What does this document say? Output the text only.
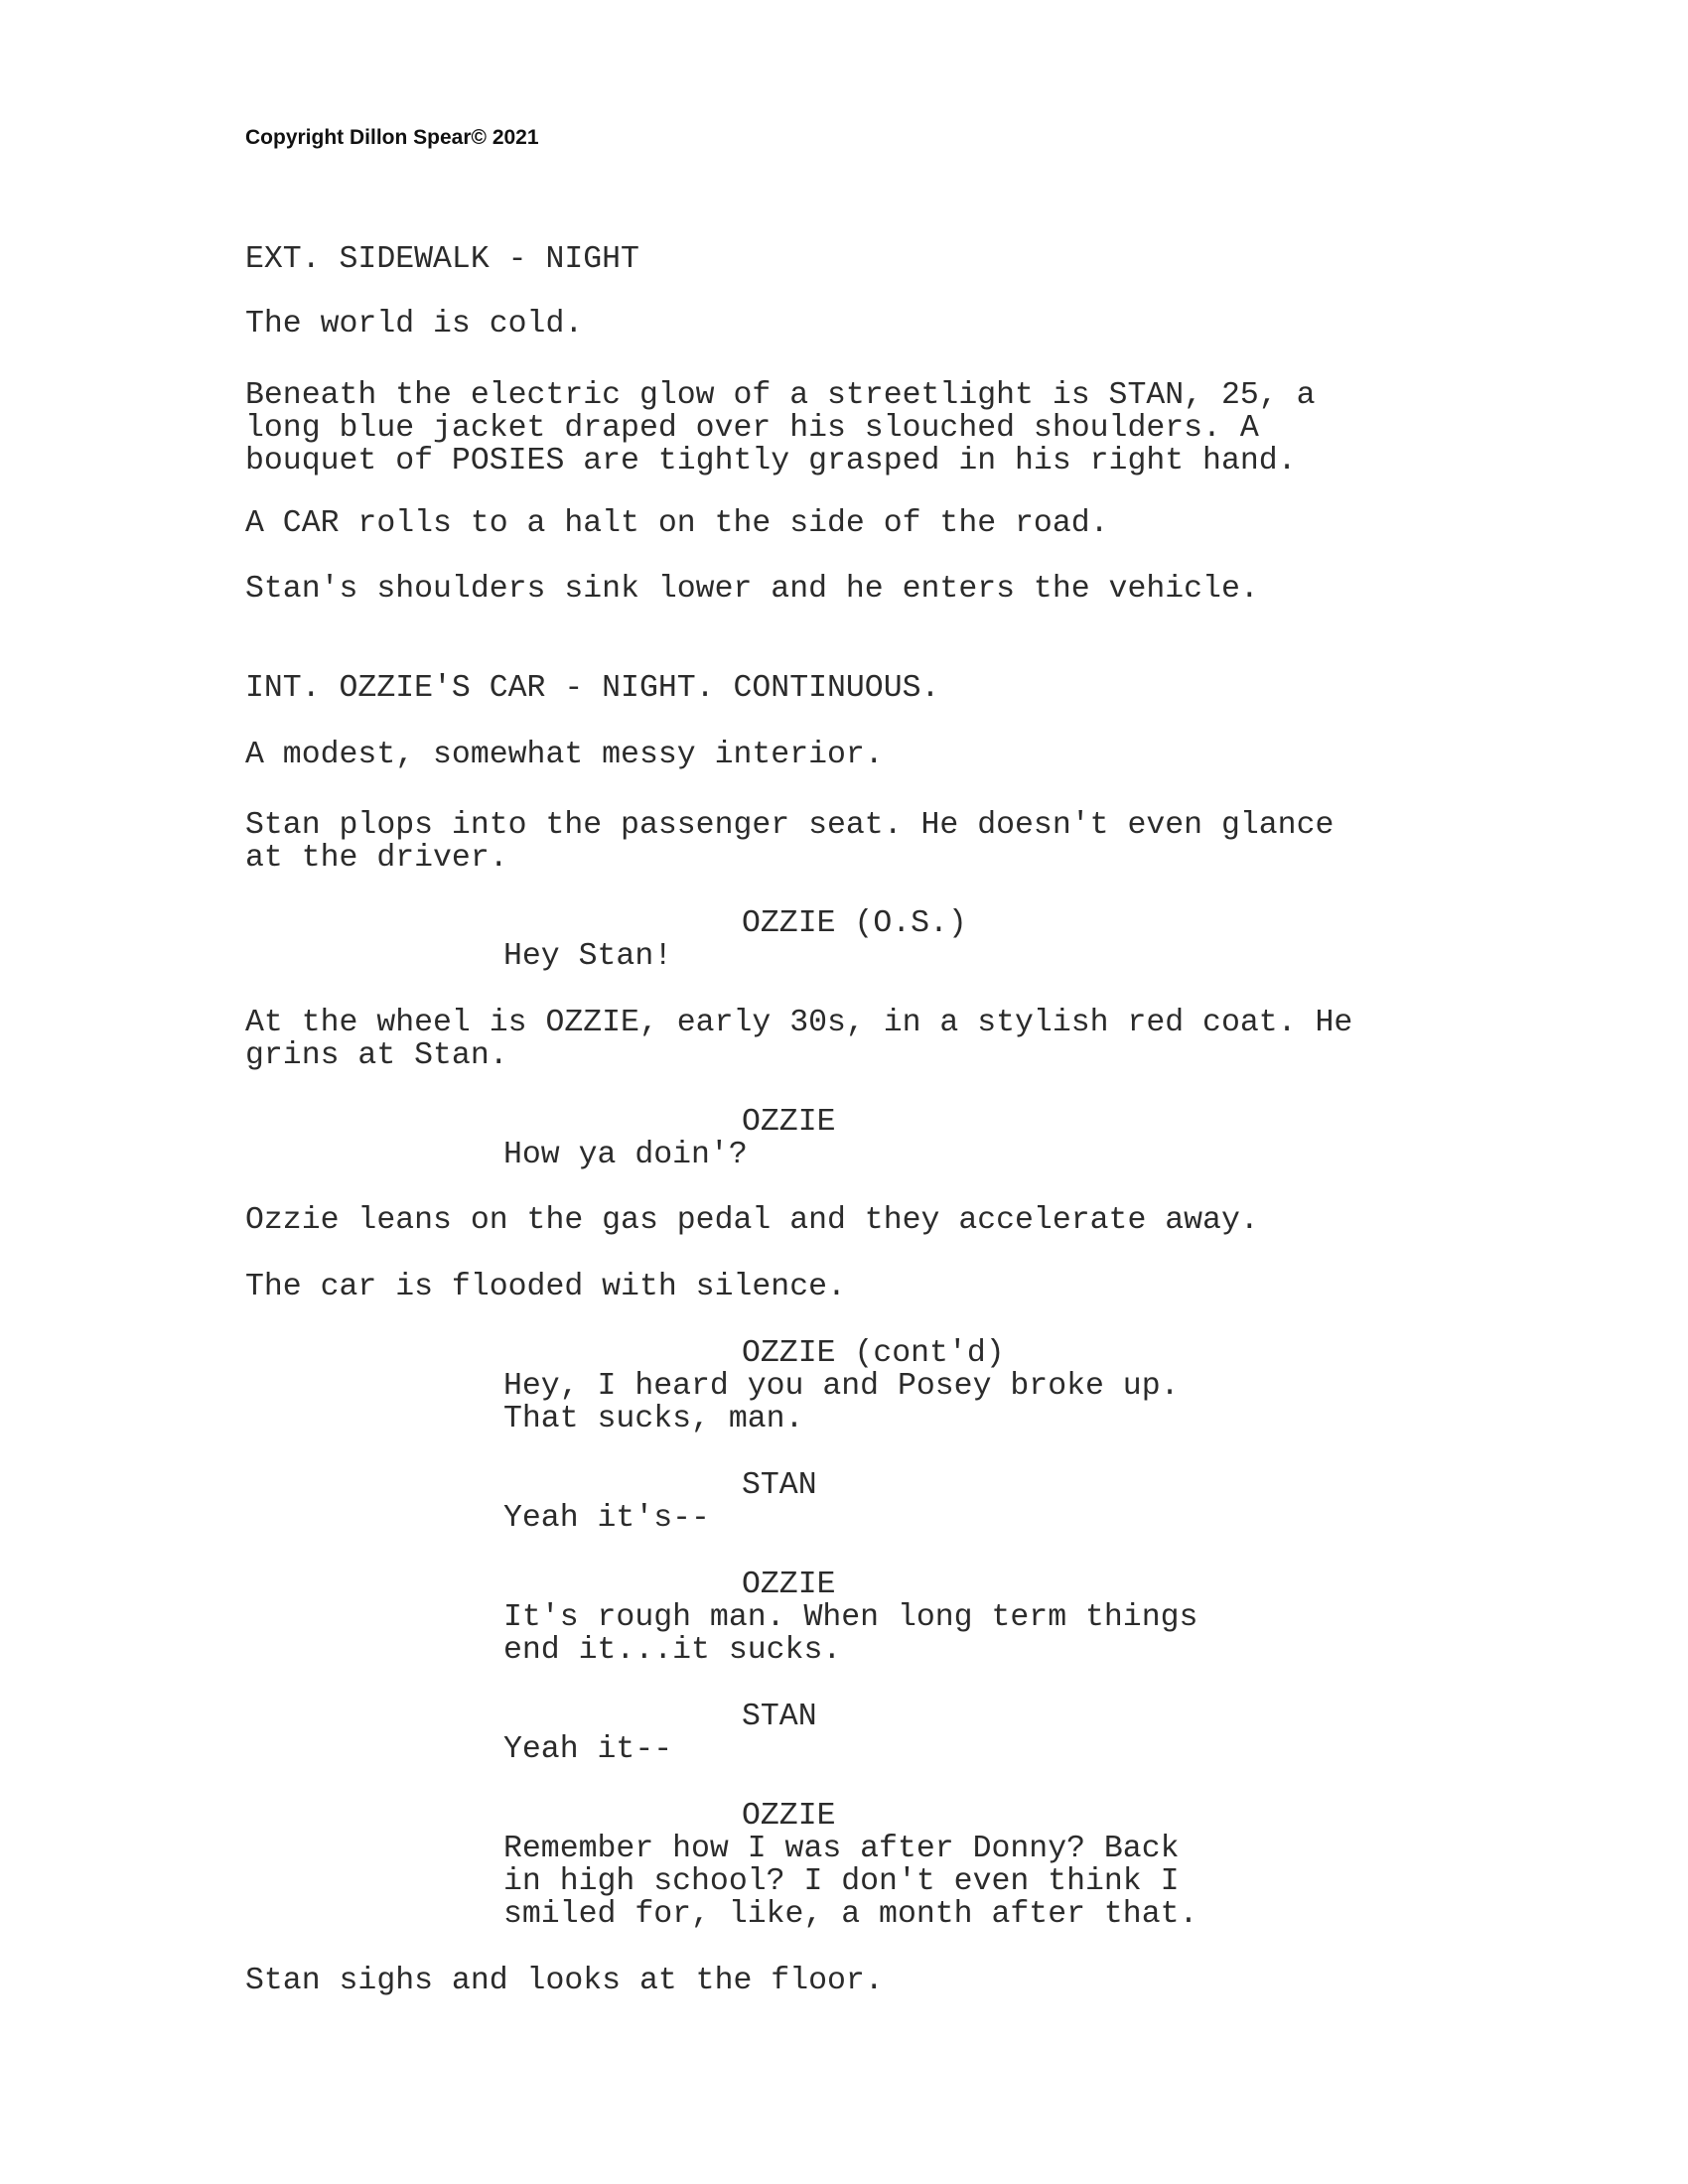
Copyright Dillon Spear© 2021
EXT. SIDEWALK - NIGHT
The world is cold.
Beneath the electric glow of a streetlight is STAN, 25, a
long blue jacket draped over his slouched shoulders. A
bouquet of POSIES are tightly grasped in his right hand.
A CAR rolls to a halt on the side of the road.
Stan's shoulders sink lower and he enters the vehicle.
INT. OZZIE'S CAR - NIGHT. CONTINUOUS.
A modest, somewhat messy interior.
Stan plops into the passenger seat. He doesn't even glance
at the driver.
OZZIE (O.S.)
Hey Stan!
At the wheel is OZZIE, early 30s, in a stylish red coat. He
grins at Stan.
OZZIE
How ya doin'?
Ozzie leans on the gas pedal and they accelerate away.
The car is flooded with silence.
OZZIE (cont'd)
Hey, I heard you and Posey broke up.
That sucks, man.
STAN
Yeah it's--
OZZIE
It's rough man. When long term things
end it...it sucks.
STAN
Yeah it--
OZZIE
Remember how I was after Donny? Back
in high school? I don't even think I
smiled for, like, a month after that.
Stan sighs and looks at the floor.
